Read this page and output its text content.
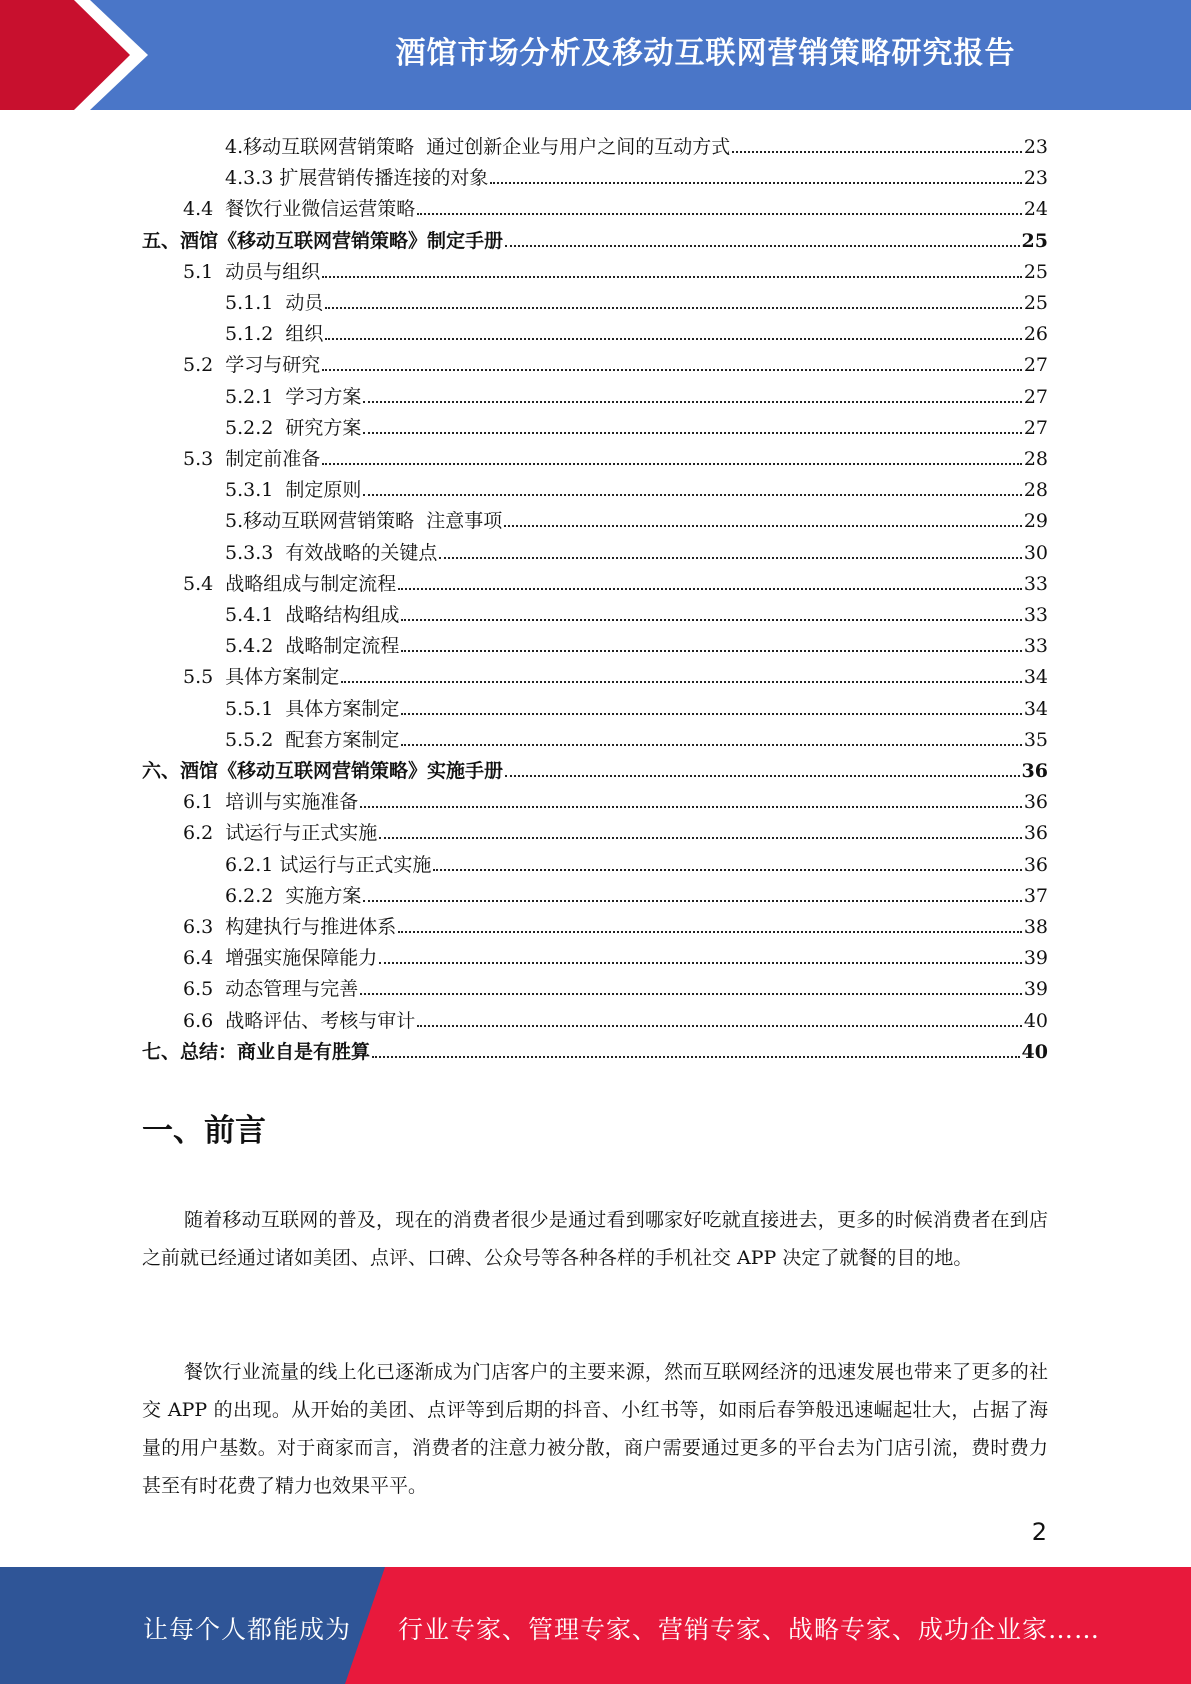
酒馆市场分析及移动互联网营销策略研究报告
4.移动互联网营销策略  通过创新企业与用户之间的互动方式	23
4.3.3 扩展营销传播连接的对象	23
4.4  餐饮行业微信运营策略	24
五、酒馆《移动互联网营销策略》制定手册	25
5.1  动员与组织	25
5.1.1  动员	25
5.1.2  组织	26
5.2  学习与研究	27
5.2.1  学习方案	27
5.2.2  研究方案	27
5.3  制定前准备	28
5.3.1  制定原则	28
5.移动互联网营销策略  注意事项	29
5.3.3  有效战略的关键点	30
5.4  战略组成与制定流程	33
5.4.1  战略结构组成	33
5.4.2  战略制定流程	33
5.5  具体方案制定	34
5.5.1  具体方案制定	34
5.5.2  配套方案制定	35
六、酒馆《移动互联网营销策略》实施手册	36
6.1  培训与实施准备	36
6.2  试运行与正式实施	36
6.2.1 试运行与正式实施	36
6.2.2  实施方案	37
6.3  构建执行与推进体系	38
6.4  增强实施保障能力	39
6.5  动态管理与完善	39
6.6  战略评估、考核与审计	40
七、总结：商业自是有胜算	40
一、前言

随着移动互联网的普及，现在的消费者很少是通过看到哪家好吃就直接进去，更多的时候消费者在到店之前就已经通过诸如美团、点评、口碑、公众号等各种各样的手机社交 APP 决定了就餐的目的地。

餐饮行业流量的线上化已逐渐成为门店客户的主要来源，然而互联网经济的迅速发展也带来了更多的社交 APP 的出现。从开始的美团、点评等到后期的抖音、小红书等，如雨后春笋般迅速崛起壮大，占据了海量的用户基数。对于商家而言，消费者的注意力被分散，商户需要通过更多的平台去为门店引流，费时费力甚至有时花费了精力也效果平平。

2
让每个人都能成为 行业专家、管理专家、营销专家、战略专家、成功企业家……
